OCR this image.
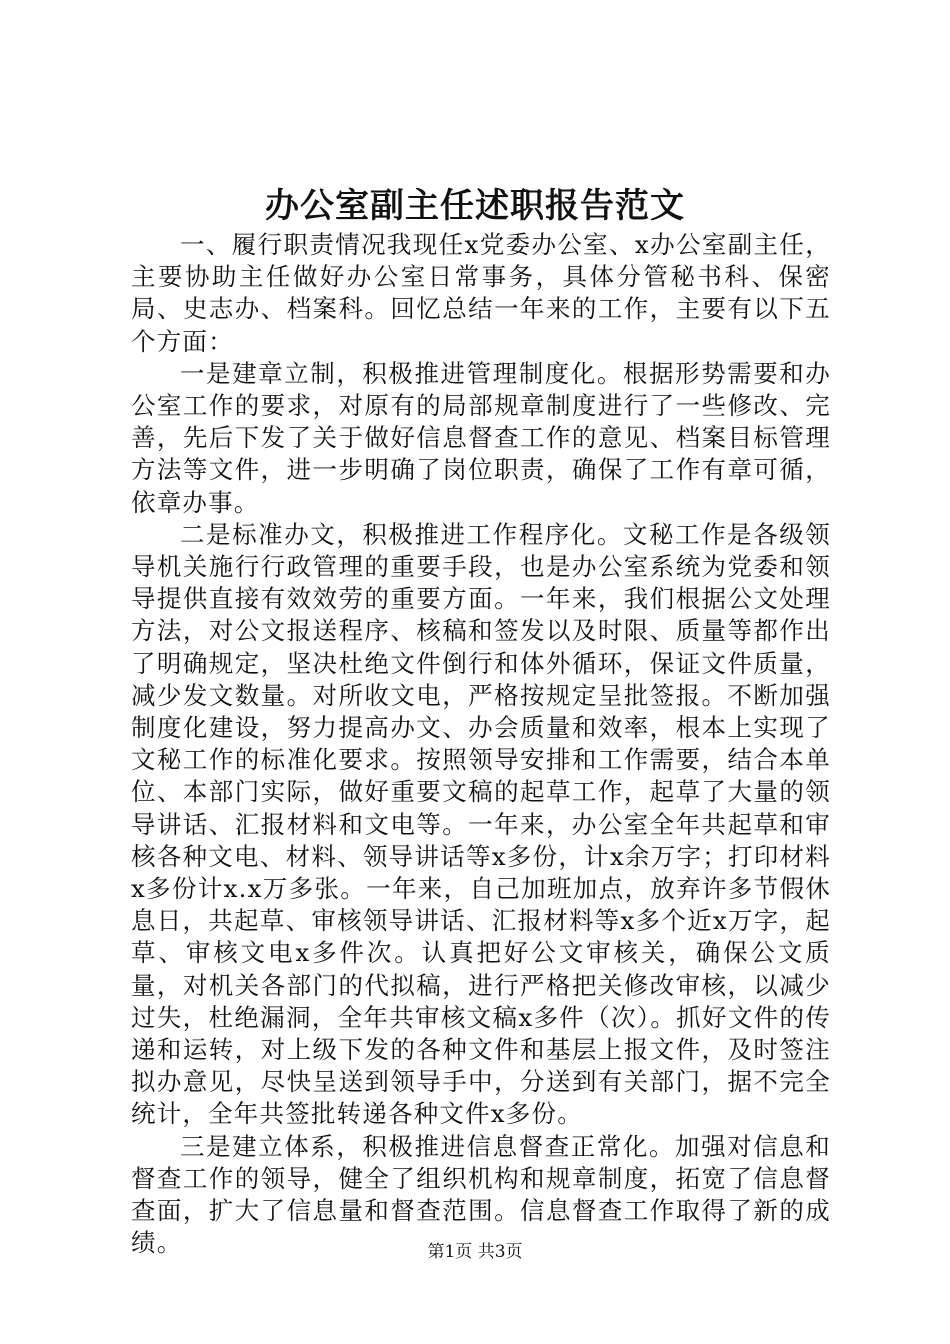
办公室副主任述职报告范文

一、履行职责情况我现任x党委办公室、x办公室副主任，主要协助主任做好办公室日常事务，具体分管秘书科、保密局、史志办、档案科。回忆总结一年来的工作，主要有以下五个方面：

一是建章立制，积极推进管理制度化。根据形势需要和办公室工作的要求，对原有的局部规章制度进行了一些修改、完善，先后下发了关于做好信息督查工作的意见、档案目标管理方法等文件，进一步明确了岗位职责，确保了工作有章可循，依章办事。

二是标准办文，积极推进工作程序化。文秘工作是各级领导机关施行行政管理的重要手段，也是办公室系统为党委和领导提供直接有效效劳的重要方面。一年来，我们根据公文处理方法，对公文报送程序、核稿和签发以及时限、质量等都作出了明确规定，坚决杜绝文件倒行和体外循环，保证文件质量，减少发文数量。对所收文电，严格按规定呈批签报。不断加强制度化建设，努力提高办文、办会质量和效率，根本上实现了文秘工作的标准化要求。按照领导安排和工作需要，结合本单位、本部门实际，做好重要文稿的起草工作，起草了大量的领导讲话、汇报材料和文电等。一年来，办公室全年共起草和审核各种文电、材料、领导讲话等x多份，计x余万字；打印材料x多份计x.x万多张。一年来，自己加班加点，放弃许多节假休息日，共起草、审核领导讲话、汇报材料等x多个近x万字，起草、审核文电x多件次。认真把好公文审核关，确保公文质量，对机关各部门的代拟稿，进行严格把关修改审核，以减少过失，杜绝漏洞，全年共审核文稿x多件（次）。抓好文件的传递和运转，对上级下发的各种文件和基层上报文件，及时签注拟办意见，尽快呈送到领导手中，分送到有关部门，据不完全统计，全年共签批转递各种文件x多份。

三是建立体系，积极推进信息督查正常化。加强对信息和督查工作的领导，健全了组织机构和规章制度，拓宽了信息督查面，扩大了信息量和督查范围。信息督查工作取得了新的成绩。	第1页 共3页
